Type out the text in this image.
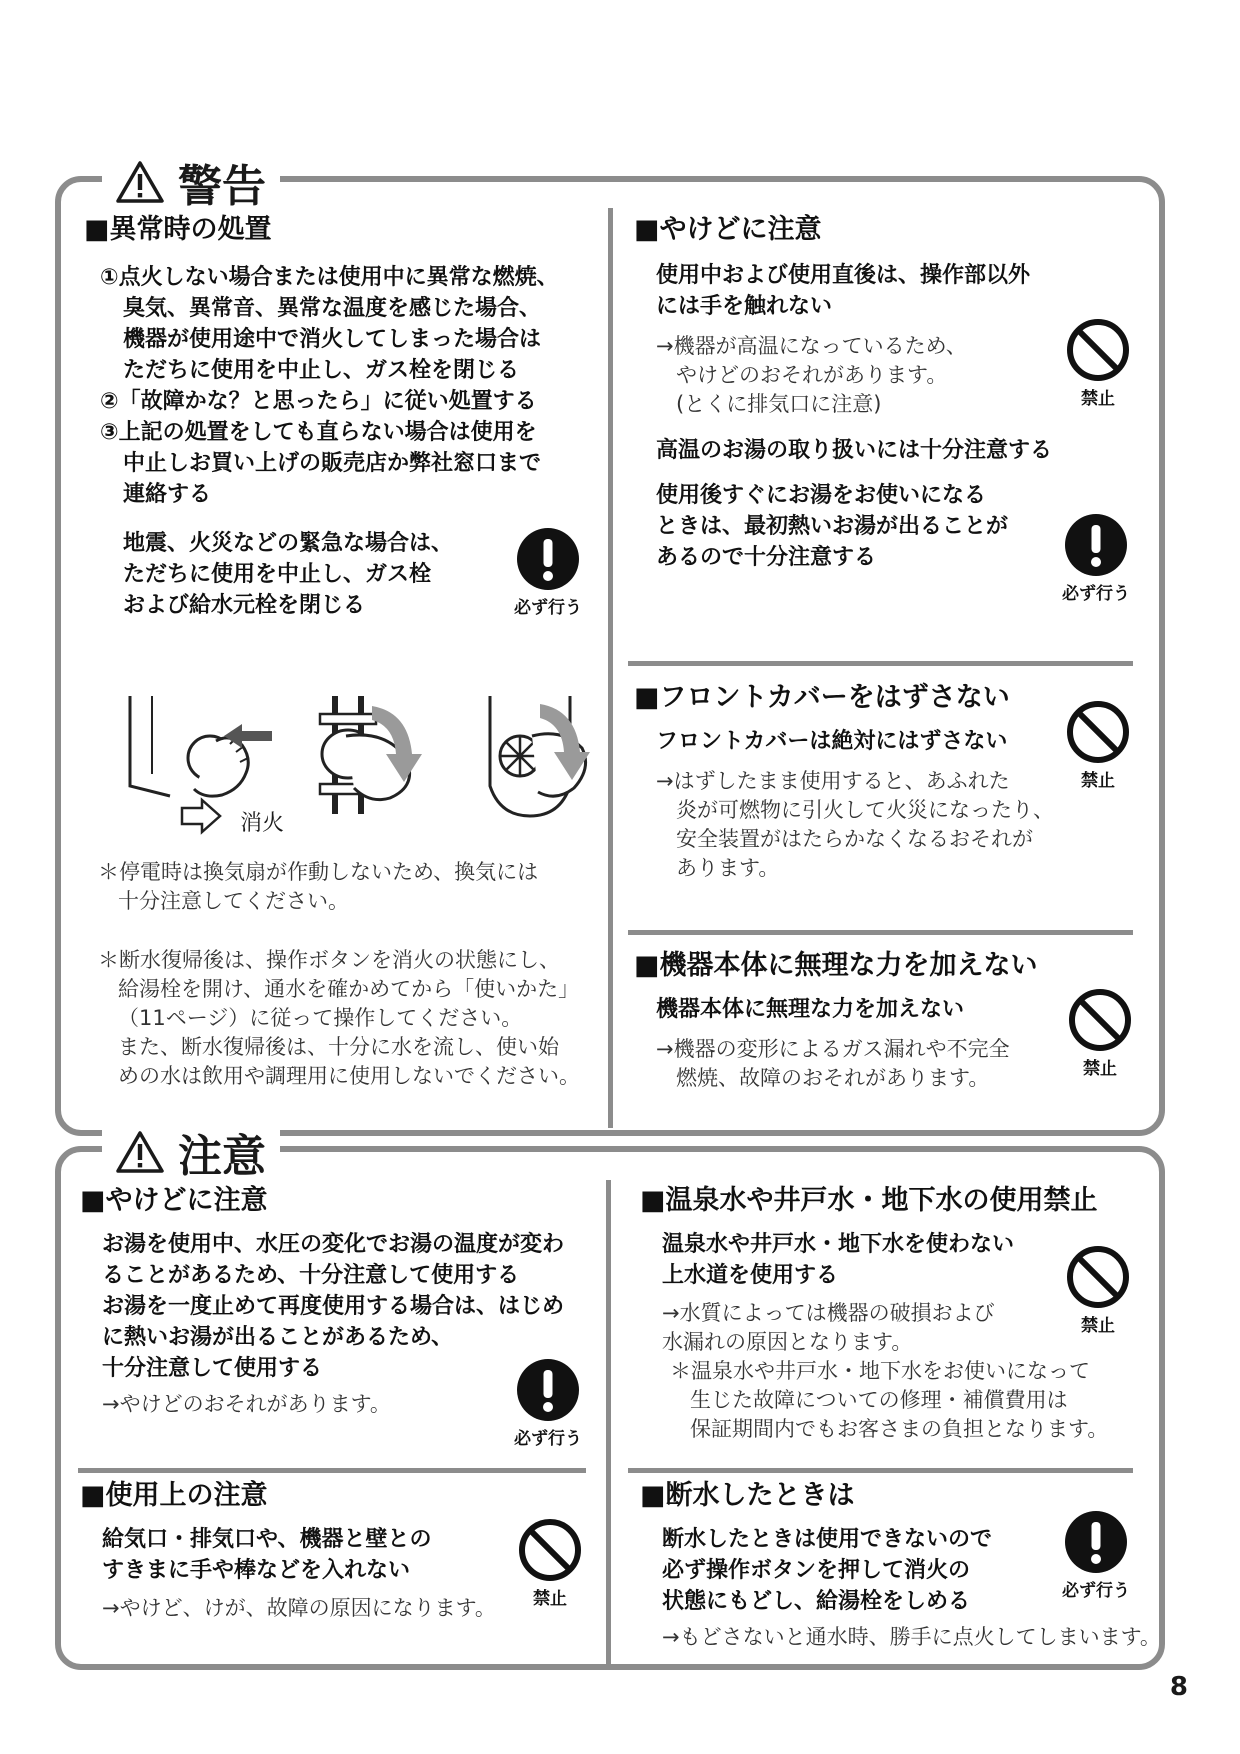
警告
■異常時の処置
①点火しない場合または使用中に異常な燃焼、
臭気、異常音、異常な温度を感じた場合、
機器が使用途中で消火してしまった場合は
ただちに使用を中止し、ガス栓を閉じる
②「故障かな？と思ったら」に従い処置する
③上記の処置をしても直らない場合は使用を
中止しお買い上げの販売店か弊社窓口まで
連絡する
地震、火災などの緊急な場合は、
ただちに使用を中止し、ガス栓
および給水元栓を閉じる	必ず行う
消火
＊停電時は換気扇が作動しないため、換気には
十分注意してください。
＊断水復帰後は、操作ボタンを消火の状態にし、
給湯栓を開け、通水を確かめてから「使いかた」
（11ページ）に従って操作してください。
また、断水復帰後は、十分に水を流し、使い始
めの水は飲用や調理用に使用しないでください。
■やけどに注意
使用中および使用直後は、操作部以外
には手を触れない
→機器が高温になっているため、
やけどのおそれがあります。
(とくに排気口に注意)
高温のお湯の取り扱いには十分注意する
使用後すぐにお湯をお使いになる
ときは、最初熱いお湯が出ることが
あるので十分注意する
禁止
必ず行う
■フロントカバーをはずさない
フロントカバーは絶対にはずさない
→はずしたまま使用すると、あふれた
炎が可燃物に引火して火災になったり、
安全装置がはたらかなくなるおそれが
あります。
禁止
■機器本体に無理な力を加えない
機器本体に無理な力を加えない
→機器の変形によるガス漏れや不完全
燃焼、故障のおそれがあります。	禁止
注意
■やけどに注意
お湯を使用中、水圧の変化でお湯の温度が変わ
ることがあるため、十分注意して使用する
お湯を一度止めて再度使用する場合は、はじめ
に熱いお湯が出ることがあるため、
十分注意して使用する
→やけどのおそれがあります。
必ず行う
■使用上の注意
給気口・排気口や、機器と壁との
すきまに手や棒などを入れない
→やけど、けが、故障の原因になります。	禁止
■温泉水や井戸水・地下水の使用禁止
温泉水や井戸水・地下水を使わない
上水道を使用する
→水質によっては機器の破損および
水漏れの原因となります。
＊温泉水や井戸水・地下水をお使いになって
生じた故障についての修理・補償費用は
保証期間内でもお客さまの負担となります。
禁止
■断水したときは
断水したときは使用できないので
必ず操作ボタンを押して消火の
状態にもどし、給湯栓をしめる
→もどさないと通水時、勝手に点火してしまいます。
必ず行う
8
